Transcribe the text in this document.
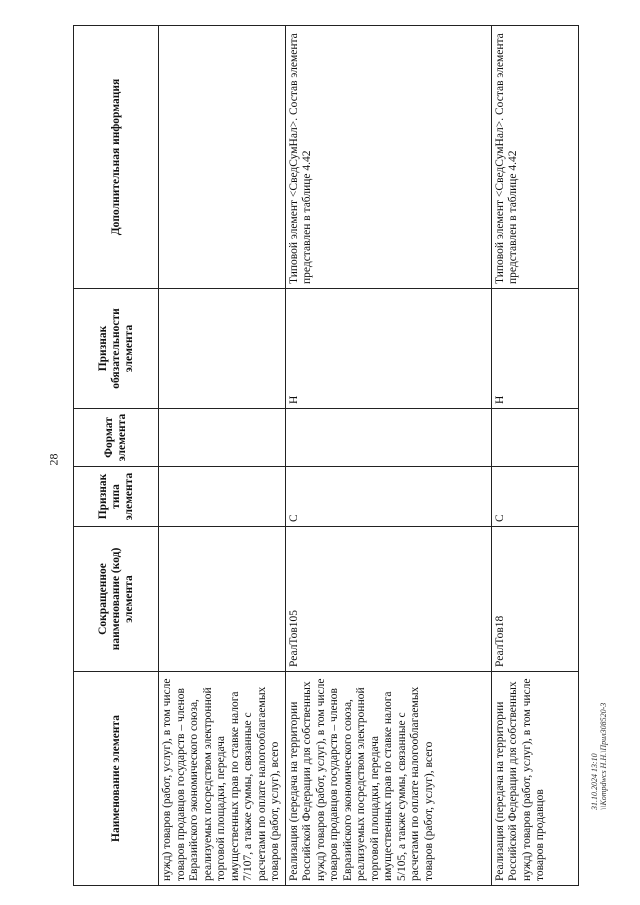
28
Наименование элемента	Сокращенное наименование (код) элемента	Признак типа элемента	Формат элемента	Признак обязательности элемента	Дополнительная информация
нужд) товаров (работ, услуг), в том числе товаров продавцов государств – членов Евразийского экономического союза, реализуемых посредством электронной торговой площадки, передача имущественных прав по ставке налога 7/107, а также суммы, связанные с расчетами по оплате налогооблагаемых товаров (работ, услуг), всего					
Реализация (передача на территории Российской Федерации для собственных нужд) товаров (работ, услуг), в том числе товаров продавцов государств – членов Евразийского экономического союза, реализуемых посредством электронной торговой площадки, передача имущественных прав по ставке налога 5/105, а также суммы, связанные с расчетами по оплате налогооблагаемых товаров (работ, услуг), всего	РеалТов105	С		Н	Типовой элемент <СведСумНал>. Состав элемента представлен в таблице 4.42
Реализация (передача на территории Российской Федерации для собственных нужд) товаров (работ, услуг), в том числе товаров продавцов	РеалТов18	С		Н	Типовой элемент <СведСумНал>. Состав элемента представлен в таблице 4.42
31.10.2024 13:10 \\Kompdwcs H.H.\Прил308520-3
